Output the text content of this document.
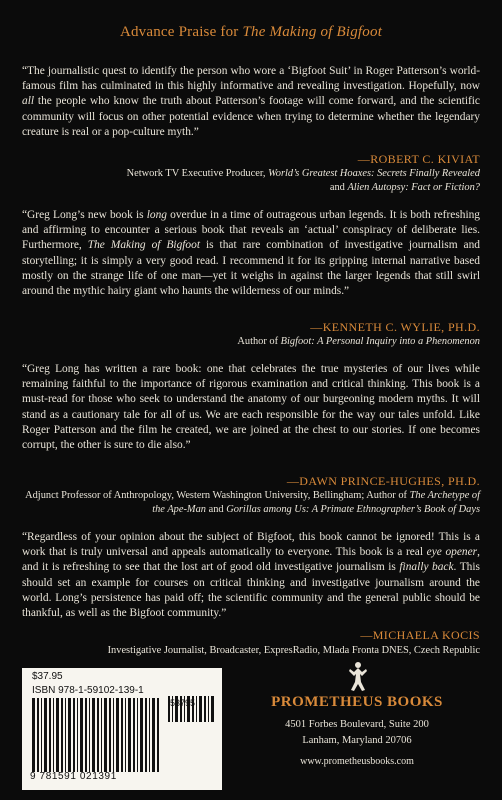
Advance Praise for The Making of Bigfoot
“The journalistic quest to identify the person who wore a ‘Bigfoot Suit’ in Roger Patterson’s world-famous film has culminated in this highly informative and revealing investigation. Hopefully, now all the people who know the truth about Patterson’s footage will come forward, and the scientific community will focus on other potential evidence when trying to determine whether the legendary creature is real or a pop-culture myth.”
—ROBERT C. KIVIAT
Network TV Executive Producer, World’s Greatest Hoaxes: Secrets Finally Revealed and Alien Autopsy: Fact or Fiction?
“Greg Long’s new book is long overdue in a time of outrageous urban legends. It is both refreshing and affirming to encounter a serious book that reveals an ‘actual’ conspiracy of deliberate lies. Furthermore, The Making of Bigfoot is that rare combination of investigative journalism and storytelling; it is simply a very good read. I recommend it for its gripping internal narrative based mostly on the strange life of one man—yet it weighs in against the larger legends that still swirl around the mythic hairy giant who haunts the wilderness of our minds.”
—KENNETH C. WYLIE, PH.D.
Author of Bigfoot: A Personal Inquiry into a Phenomenon
“Greg Long has written a rare book: one that celebrates the true mysteries of our lives while remaining faithful to the importance of rigorous examination and critical thinking. This book is a must-read for those who seek to understand the anatomy of our burgeoning modern myths. It will stand as a cautionary tale for all of us. We are each responsible for the way our tales unfold. Like Roger Patterson and the film he created, we are joined at the chest to our stories. If one becomes corrupt, the other is sure to die also.”
—DAWN PRINCE-HUGHES, PH.D.
Adjunct Professor of Anthropology, Western Washington University, Bellingham; Author of The Archetype of the Ape-Man and Gorillas among Us: A Primate Ethnographer’s Book of Days
“Regardless of your opinion about the subject of Bigfoot, this book cannot be ignored! This is a work that is truly universal and appeals automatically to everyone. This book is a real eye opener, and it is refreshing to see that the lost art of good old investigative journalism is finally back. This should set an example for courses on critical thinking and investigative journalism around the world. Long’s persistence has paid off; the scientific community and the general public should be thankful, as well as the Bigfoot community.”
—MICHAELA KOCIS
Investigative Journalist, Broadcaster, ExpresRadio, Mlada Fronta DNES, Czech Republic
$37.95
ISBN 978-1-59102-139-1
53795
9 781591 021391
PROMETHEUS BOOKS
4501 Forbes Boulevard, Suite 200
Lanham, Maryland 20706
www.prometheusbooks.com
